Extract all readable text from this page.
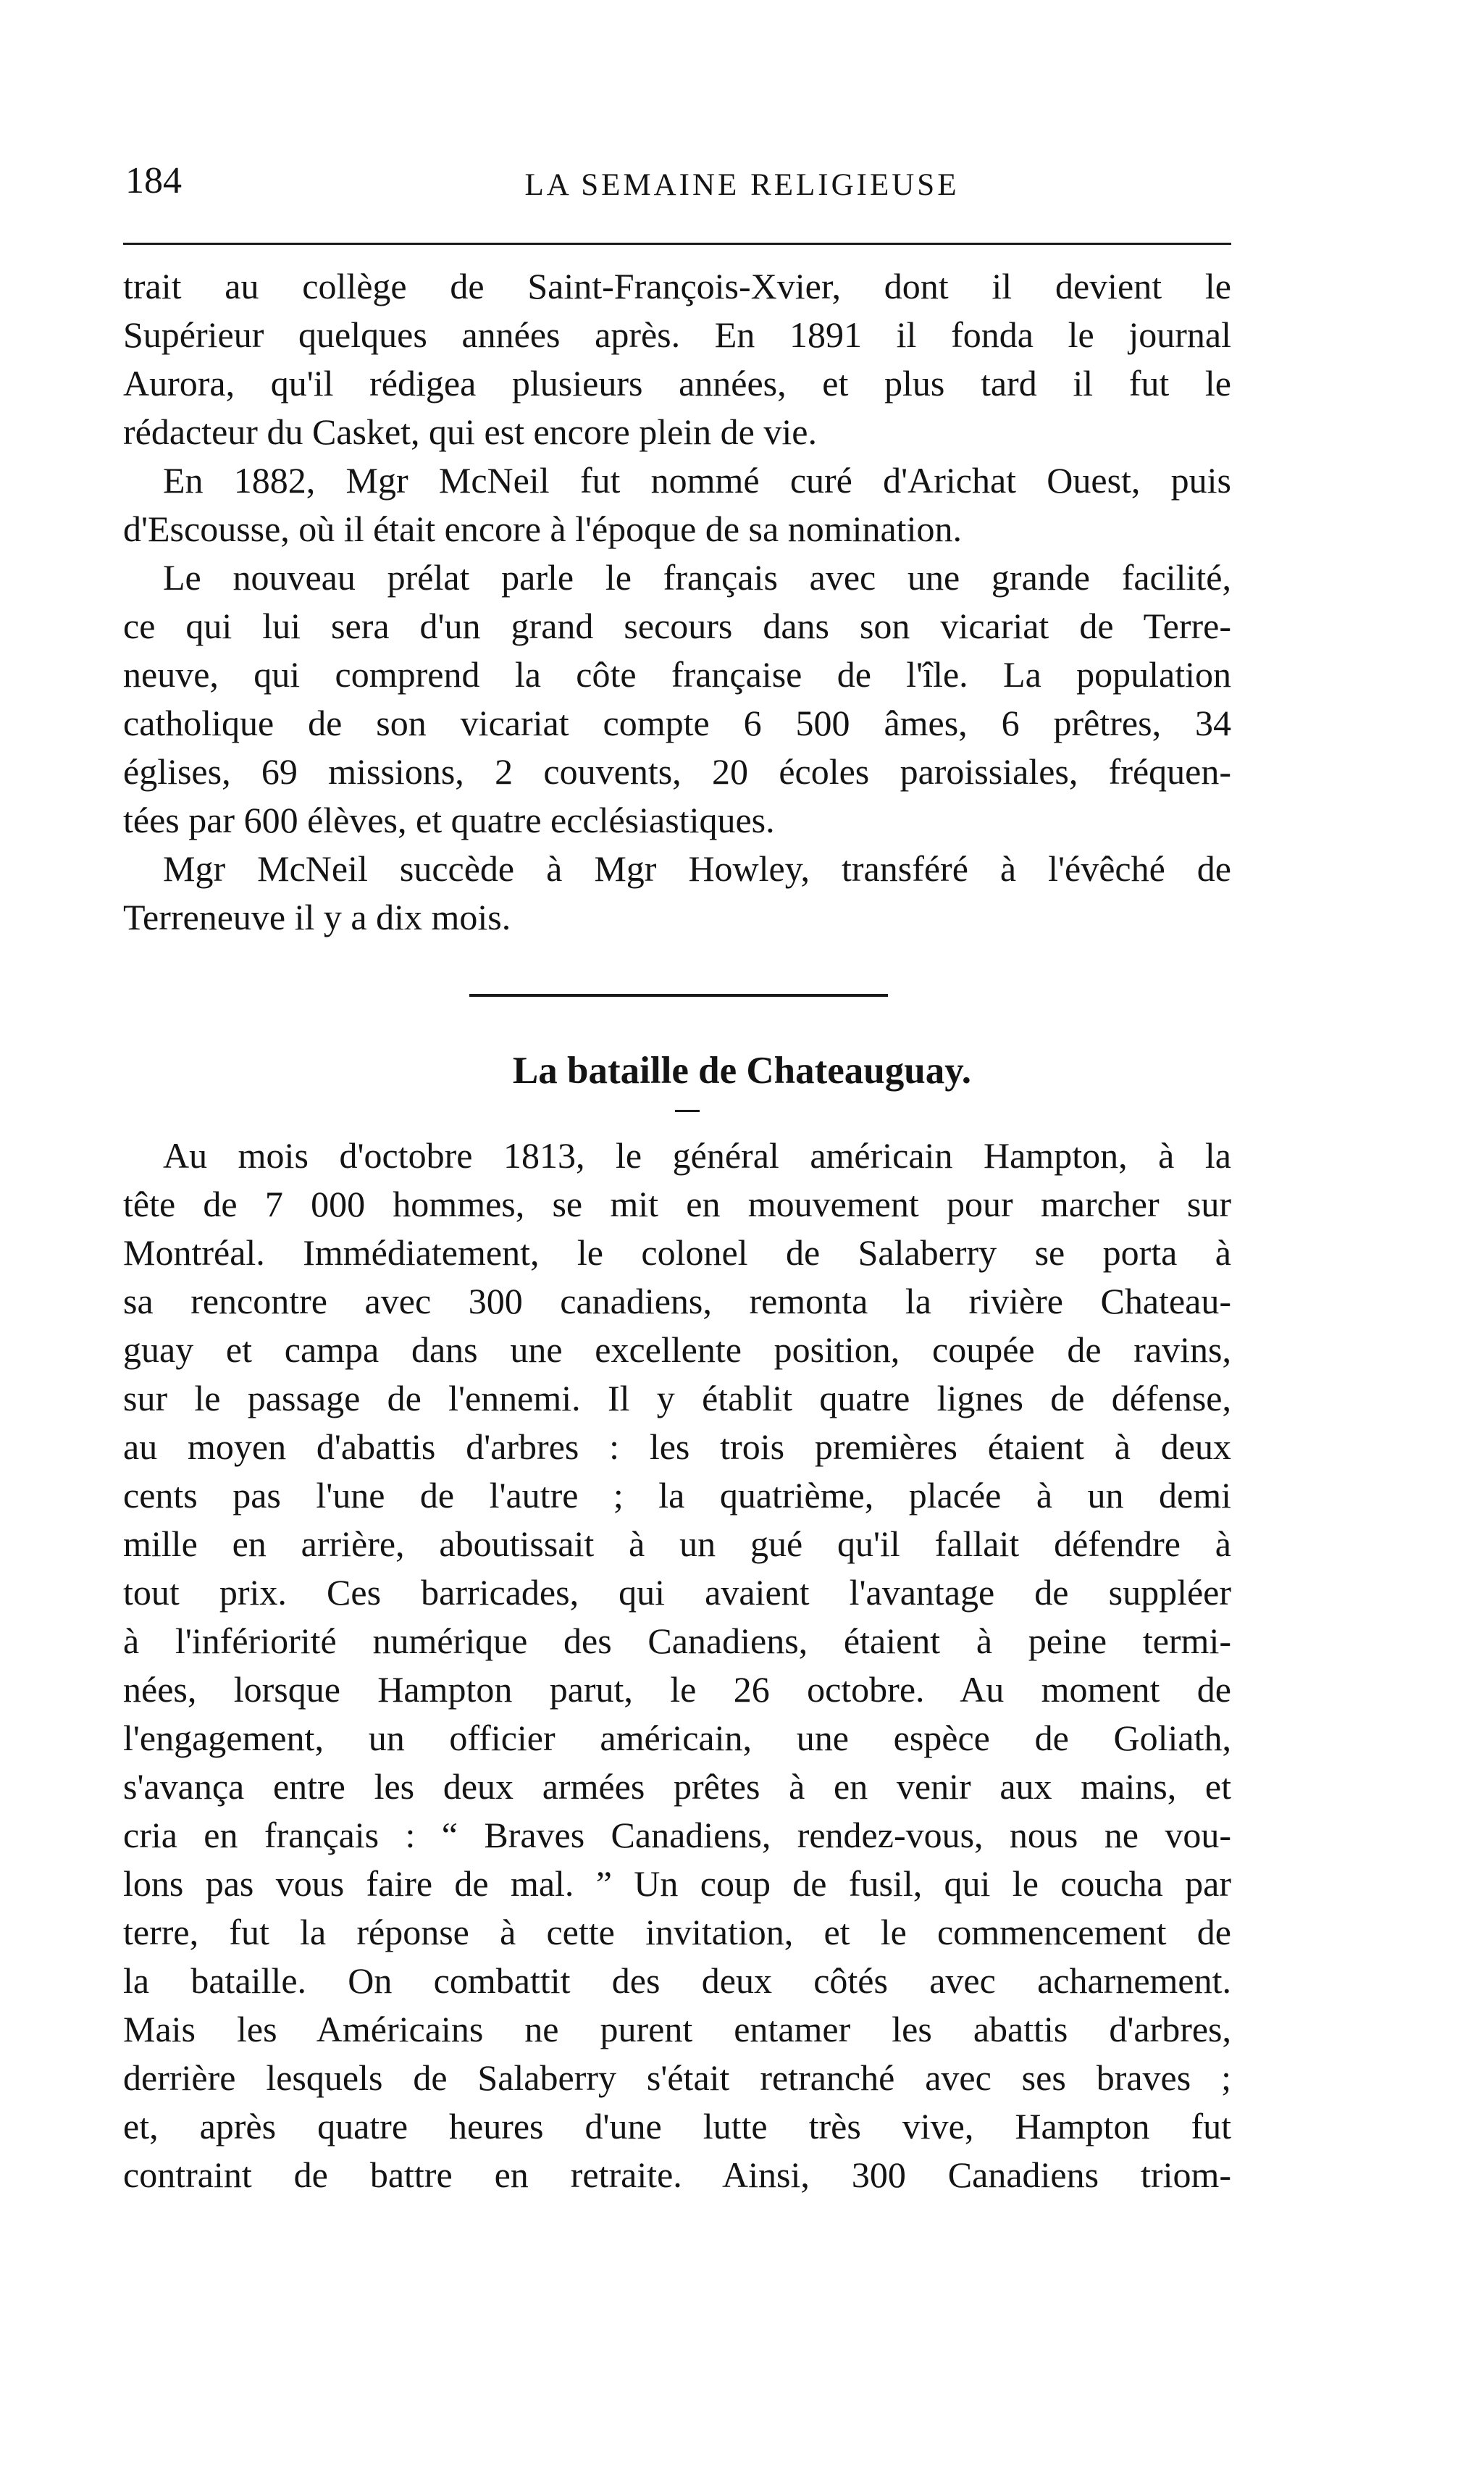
184	LA SEMAINE RELIGIEUSE
trait au collège de Saint-François-Xvier, dont il devient le
Supérieur quelques années après. En 1891 il fonda le journal
Aurora, qu'il rédigea plusieurs années, et plus tard il fut le
rédacteur du Casket, qui est encore plein de vie.
En 1882, Mgr McNeil fut nommé curé d'Arichat Ouest, puis
d'Escousse, où il était encore à l'époque de sa nomination.
Le nouveau prélat parle le français avec une grande facilité,
ce qui lui sera d'un grand secours dans son vicariat de Terre-
neuve, qui comprend la côte française de l'île. La population
catholique de son vicariat compte 6 500 âmes, 6 prêtres, 34
églises, 69 missions, 2 couvents, 20 écoles paroissiales, fréquen-
tées par 600 élèves, et quatre ecclésiastiques.
Mgr McNeil succède à Mgr Howley, transféré à l'évêché de
Terreneuve il y a dix mois.
La bataille de Chateauguay.
Au mois d'octobre 1813, le général américain Hampton, à la
tête de 7 000 hommes, se mit en mouvement pour marcher sur
Montréal. Immédiatement, le colonel de Salaberry se porta à
sa rencontre avec 300 canadiens, remonta la rivière Chateau-
guay et campa dans une excellente position, coupée de ravins,
sur le passage de l'ennemi. Il y établit quatre lignes de défense,
au moyen d'abattis d'arbres : les trois premières étaient à deux
cents pas l'une de l'autre ; la quatrième, placée à un demi
mille en arrière, aboutissait à un gué qu'il fallait défendre à
tout prix. Ces barricades, qui avaient l'avantage de suppléer
à l'infériorité numérique des Canadiens, étaient à peine termi-
nées, lorsque Hampton parut, le 26 octobre. Au moment de
l'engagement, un officier américain, une espèce de Goliath,
s'avança entre les deux armées prêtes à en venir aux mains, et
cria en français : “ Braves Canadiens, rendez-vous, nous ne vou-
lons pas vous faire de mal. ” Un coup de fusil, qui le coucha par
terre, fut la réponse à cette invitation, et le commencement de
la bataille. On combattit des deux côtés avec acharnement.
Mais les Américains ne purent entamer les abattis d'arbres,
derrière lesquels de Salaberry s'était retranché avec ses braves ;
et, après quatre heures d'une lutte très vive, Hampton fut
contraint de battre en retraite. Ainsi, 300 Canadiens triom-
